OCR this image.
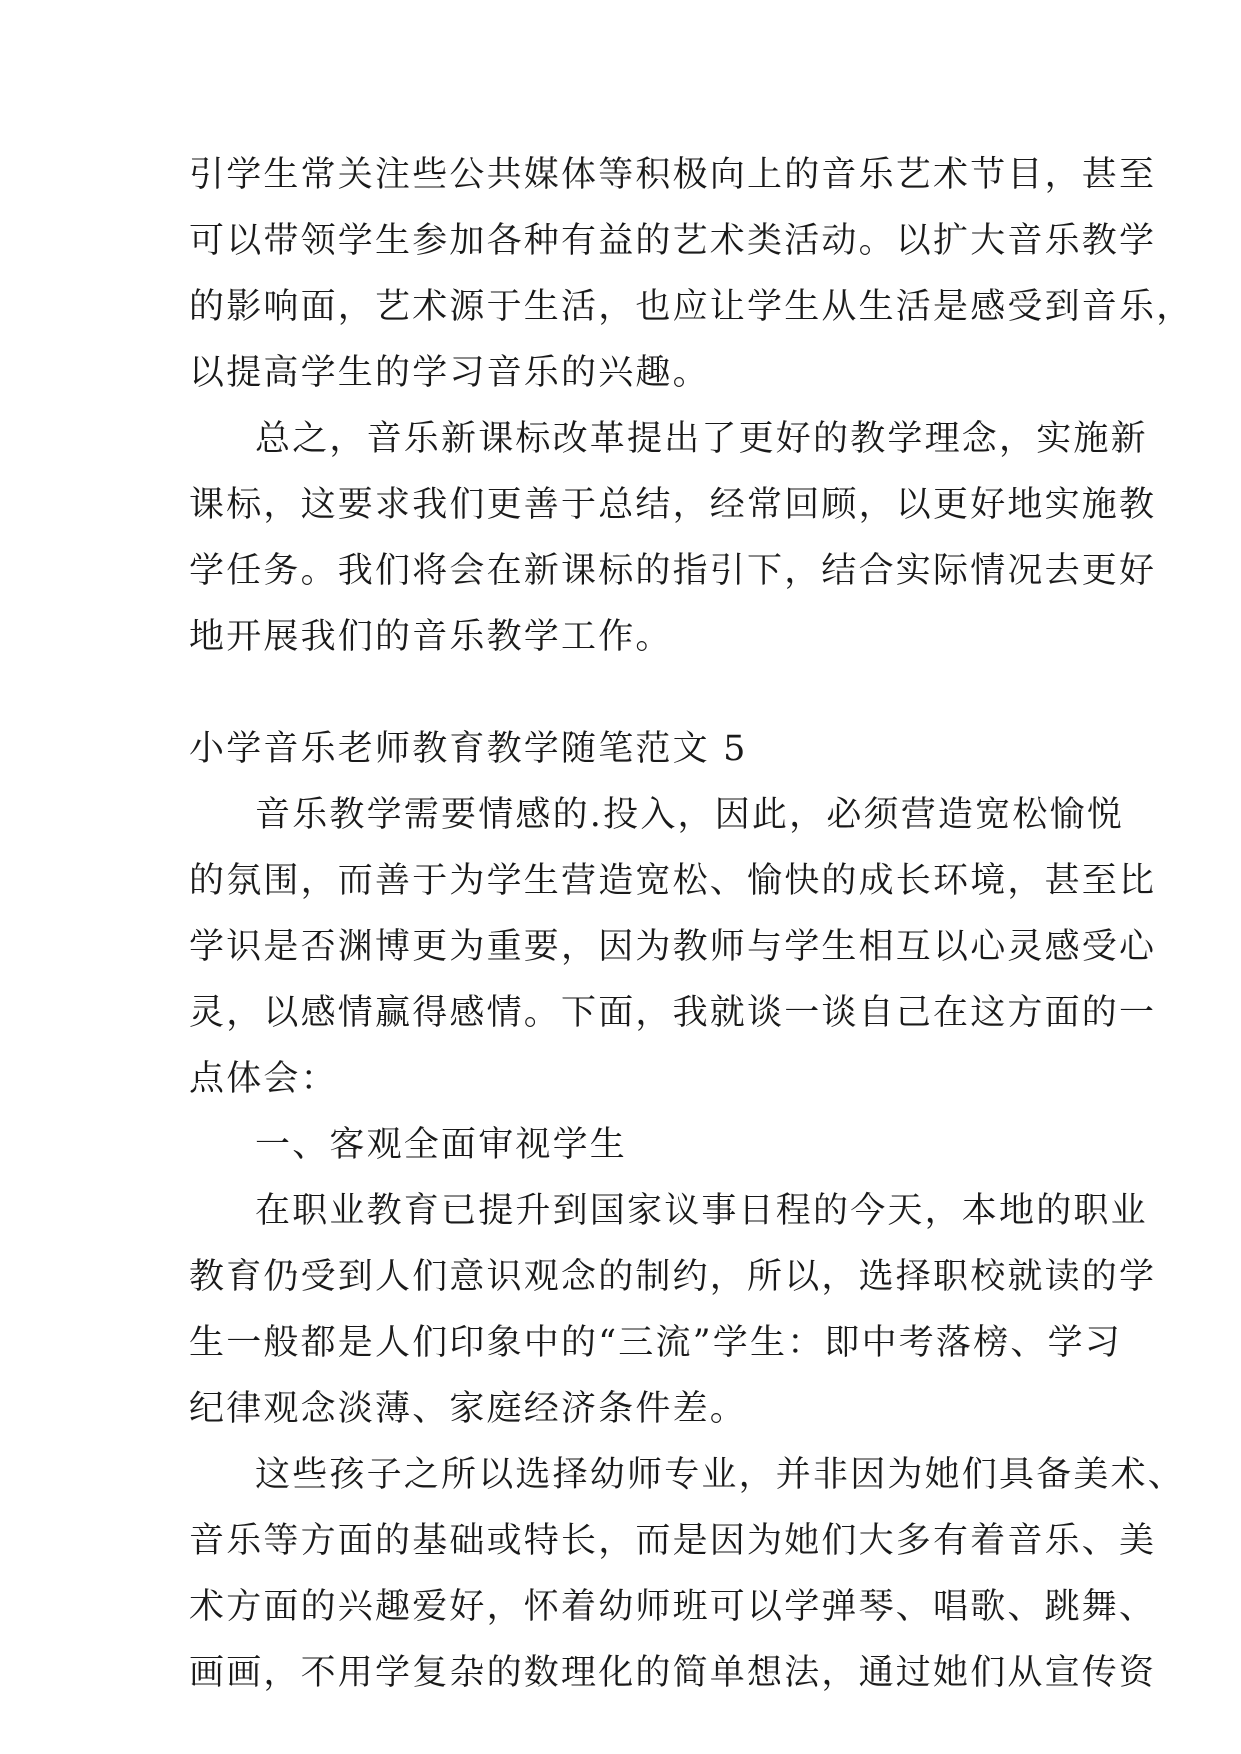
引学生常关注些公共媒体等积极向上的音乐艺术节目，甚至
可以带领学生参加各种有益的艺术类活动。以扩大音乐教学
的影响面，艺术源于生活，也应让学生从生活是感受到音乐，
以提高学生的学习音乐的兴趣。
总之，音乐新课标改革提出了更好的教学理念，实施新
课标，这要求我们更善于总结，经常回顾，以更好地实施教
学任务。我们将会在新课标的指引下，结合实际情况去更好
地开展我们的音乐教学工作。
小学音乐老师教育教学随笔范文 5
音乐教学需要情感的.投入，因此，必须营造宽松愉悦
的氛围，而善于为学生营造宽松、愉快的成长环境，甚至比
学识是否渊博更为重要，因为教师与学生相互以心灵感受心
灵，以感情赢得感情。下面，我就谈一谈自己在这方面的一
点体会：
一、客观全面审视学生
在职业教育已提升到国家议事日程的今天，本地的职业
教育仍受到人们意识观念的制约，所以，选择职校就读的学
生一般都是人们印象中的“三流”学生：即中考落榜、学习
纪律观念淡薄、家庭经济条件差。
这些孩子之所以选择幼师专业，并非因为她们具备美术、
音乐等方面的基础或特长，而是因为她们大多有着音乐、美
术方面的兴趣爱好，怀着幼师班可以学弹琴、唱歌、跳舞、
画画，不用学复杂的数理化的简单想法，通过她们从宣传资
